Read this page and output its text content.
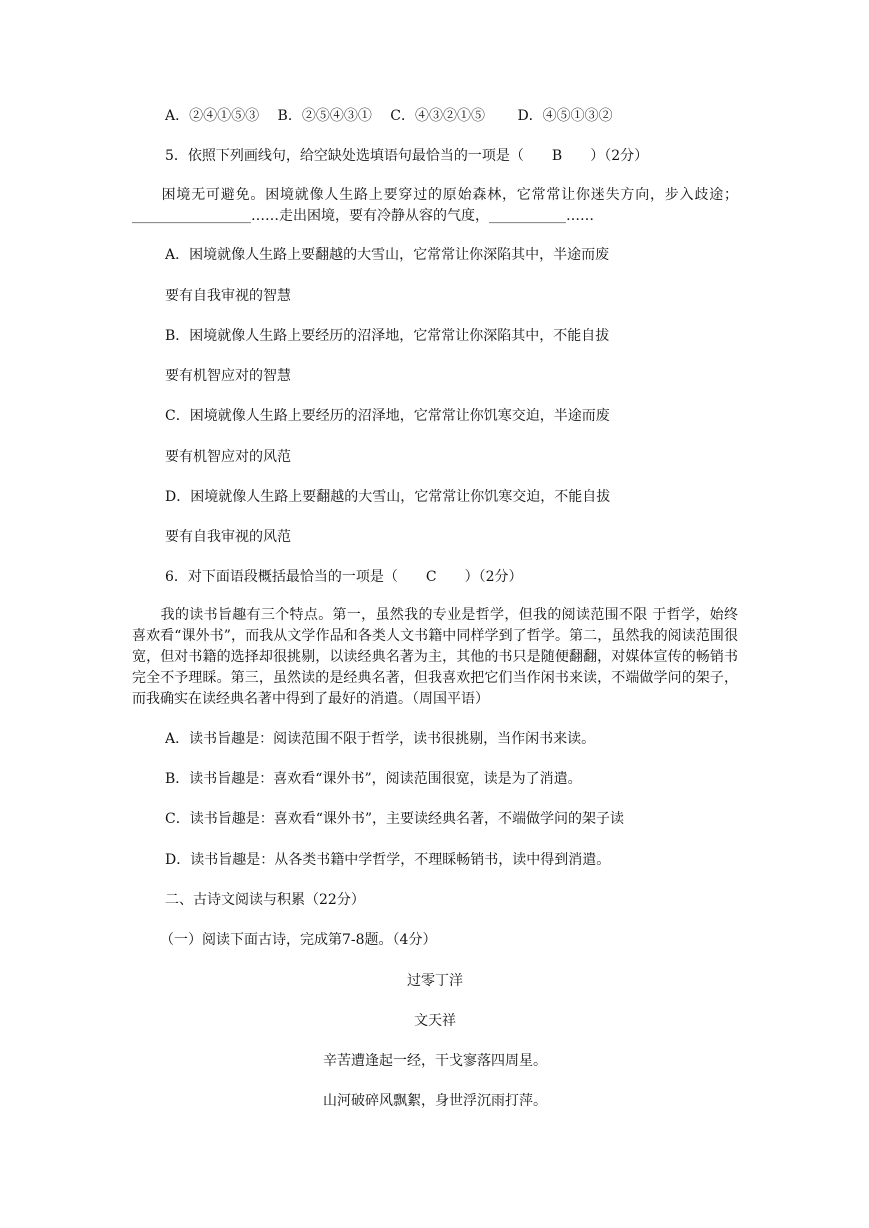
A．②④①⑤③　 B．②⑤④③①　 C．④③②①⑤　　 D．④⑤①③②
5．依照下列画线句，给空缺处选填语句最恰当的一项是（　　B　　）（2分）
　　困境无可避免。困境就像人生路上要穿过的原始森林，它常常让你迷失方向，步入歧途；_________________……走出困境，要有冷静从容的气度，___________……
A．困境就像人生路上要翻越的大雪山，它常常让你深陷其中，半途而废
要有自我审视的智慧
B．困境就像人生路上要经历的沼泽地，它常常让你深陷其中，不能自拔
要有机智应对的智慧
C．困境就像人生路上要经历的沼泽地，它常常让你饥寒交迫，半途而废
要有机智应对的风范
D．困境就像人生路上要翻越的大雪山，它常常让你饥寒交迫，不能自拔
要有自我审视的风范
6．对下面语段概括最恰当的一项是（　　C　　）（2分）
　　我的读书旨趣有三个特点。第一，虽然我的专业是哲学，但我的阅读范围不限 于哲学，始终喜欢看“课外书”，而我从文学作品和各类人文书籍中同样学到了哲学。第二，虽然我的阅读范围很宽，但对书籍的选择却很挑剔，以读经典名著为主，其他的书只是随便翻翻，对媒体宣传的畅销书完全不予理睬。第三，虽然读的是经典名著，但我喜欢把它们当作闲书来读，不端做学问的架子，而我确实在读经典名著中得到了最好的消遣。（周国平语）
A．读书旨趣是：阅读范围不限于哲学，读书很挑剔，当作闲书来读。
B．读书旨趣是：喜欢看“课外书”，阅读范围很宽，读是为了消遣。
C．读书旨趣是：喜欢看“课外书”，主要读经典名著，不端做学问的架子读
D．读书旨趣是：从各类书籍中学哲学，不理睬畅销书，读中得到消遣。
二、古诗文阅读与积累（22分）
（一）阅读下面古诗，完成第7-8题。（4分）
过零丁洋
文天祥
辛苦遭逢起一经，干戈寥落四周星。
山河破碎风飘絮，身世浮沉雨打萍。
